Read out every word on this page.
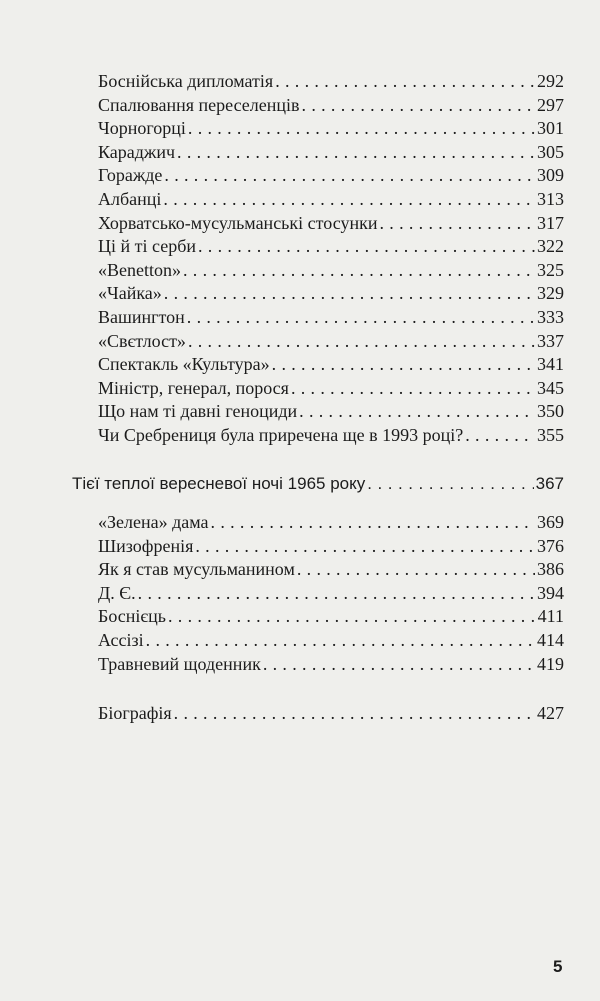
Боснійська дипломатія . . .	292
Спалювання переселенців . . .	297
Чорногорці . . .	301
Караджич . . .	305
Горажде . . .	309
Албанці . . .	313
Хорватсько-мусульманські стосунки . . .	317
Ці й ті серби . . .	322
«Benetton» . . .	325
«Чайка» . . .	329
Вашингтон . . .	333
«Свєтлост» . . .	337
Спектакль «Культура» . . .	341
Міністр, генерал, порося . . .	345
Що нам ті давні геноциди . . .	350
Чи Сребрениця була приречена ще в 1993 році? . . .	355
Тієї теплої вересневої ночі 1965 року . . .	367
«Зелена» дама . . .	369
Шизофренія . . .	376
Як я став мусульманином . . .	386
Д. Є. . . .	394
Боснієць . . .	411
Ассізі . . .	414
Травневий щоденник . . .	419
Біографія . . .	427
5
